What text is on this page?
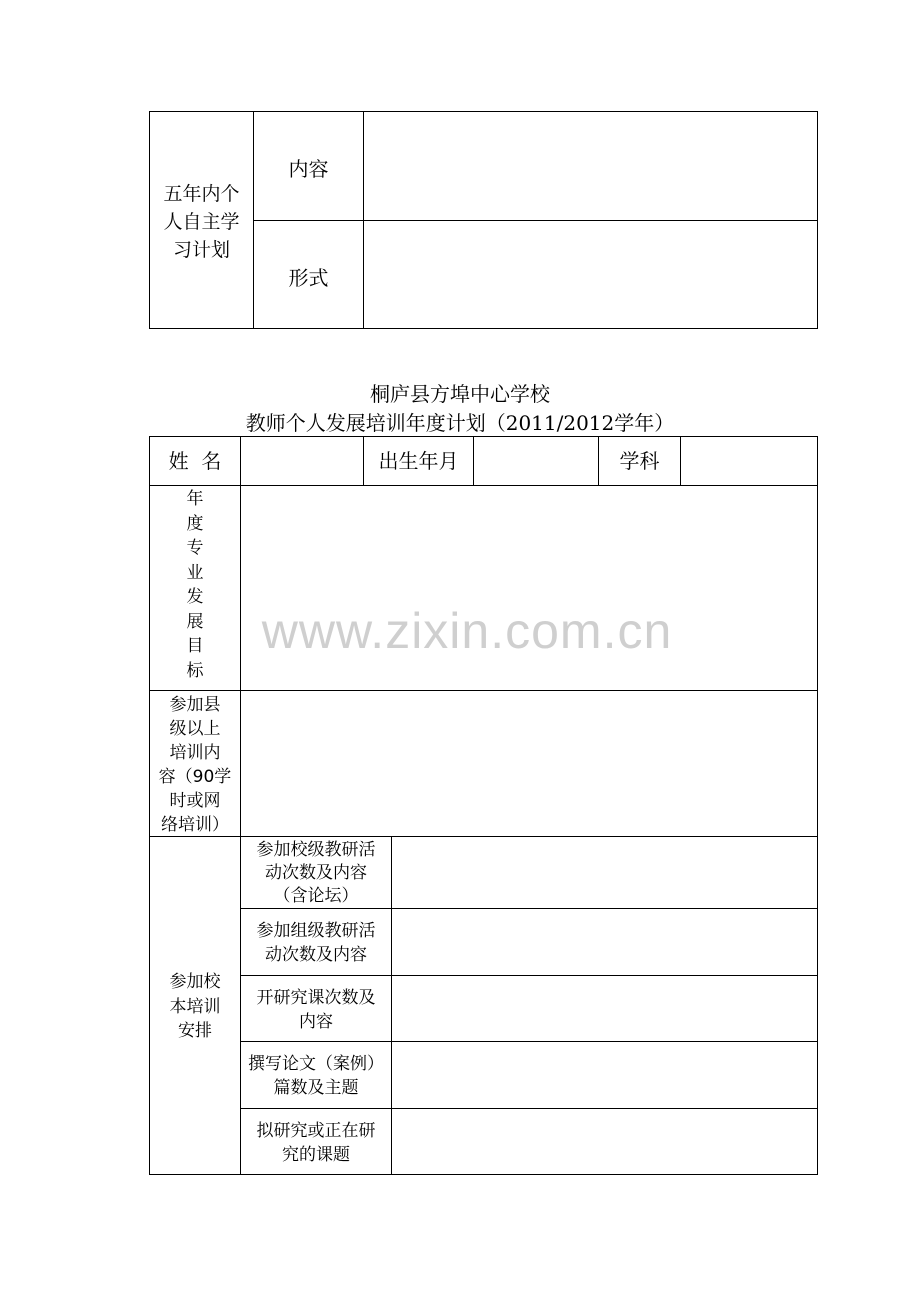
五年内个
人自主学
习计划
内容
形式
桐庐县方埠中心学校
教师个人发展培训年度计划（2011/2012学年）
姓  名	出生年月	学科
年
度
专
业
发
展
目
标
参加县
级以上
培训内
容（90学
时或网
络培训）
参加校
本培训
安排
参加校级教研活
动次数及内容
（含论坛）
参加组级教研活
动次数及内容
开研究课次数及
内容
撰写论文（案例）
篇数及主题
拟研究或正在研
究的课题
www.zixin.com.cn
